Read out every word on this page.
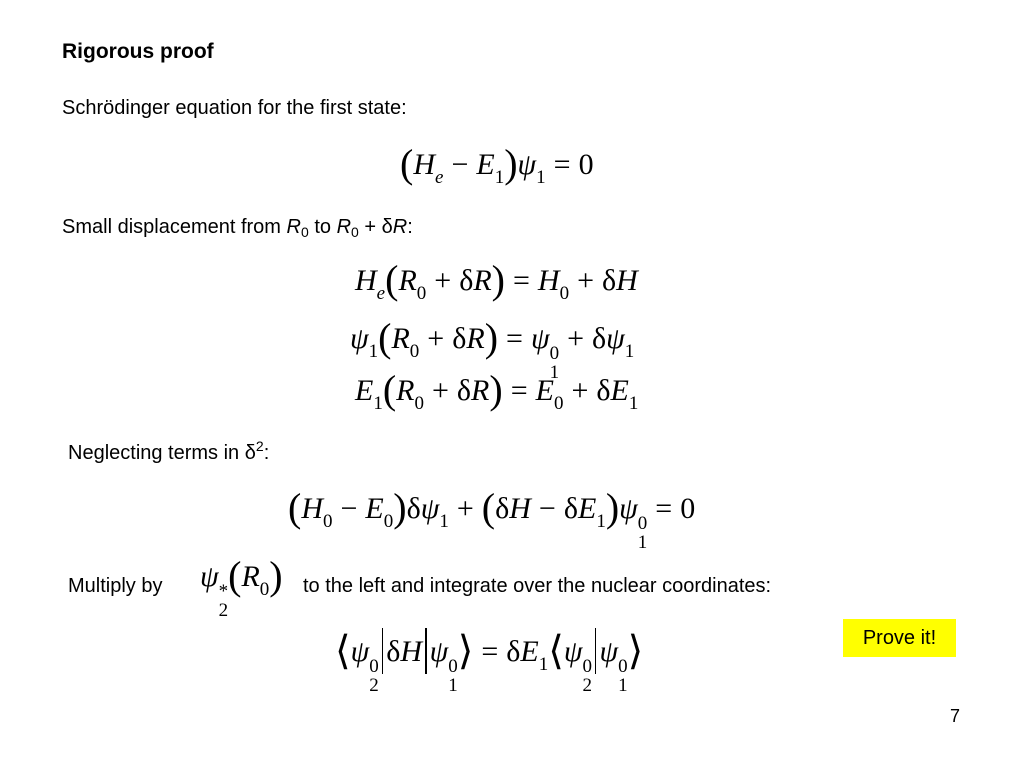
Rigorous proof
Schrödinger equation for the first state:
$(H_e - E_1)\psi_1 = 0$
Small displacement from $R_0$ to $R_0 + \delta R$:
$H_e(R_0 + \delta R) = H_0 + \delta H$
$\psi_1(R_0 + \delta R) = \psi$ 0
1
+ $\delta\psi_1$
$E_1(R_0 + \delta R) = E_0 + \delta E_1$
Neglecting terms in $\delta^2$:
$(H_0 - E_0)\delta\psi_1 + (\delta H - \delta E_1)\psi$ 0
1
= 0
Multiply by ψ *
2
$(R_0)$ to the left and integrate over the nuclear coordinates:
⟨ψ 0
2
δH ψ 0
1
⟩ = $\delta E_1⟨\psi$ 0
2
ψ 0
1
⟩	Prove it!
7
